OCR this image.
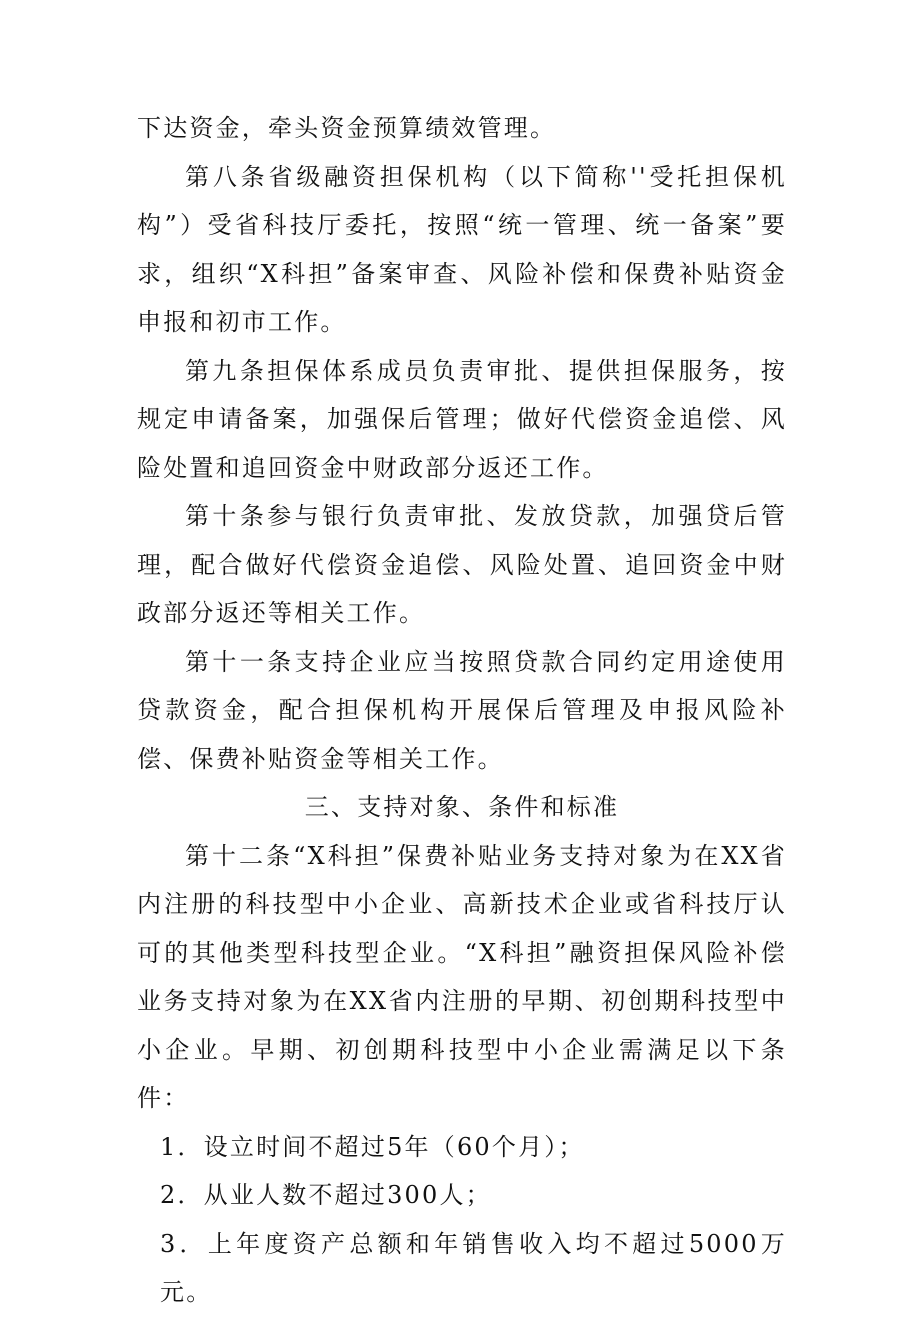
下达资金，牵头资金预算绩效管理。

第八条省级融资担保机构（以下简称''受托担保机构”）受省科技厅委托，按照“统一管理、统一备案”要求，组织“X科担”备案审查、风险补偿和保费补贴资金申报和初市工作。

第九条担保体系成员负责审批、提供担保服务，按规定申请备案，加强保后管理；做好代偿资金追偿、风险处置和追回资金中财政部分返还工作。

第十条参与银行负责审批、发放贷款，加强贷后管理，配合做好代偿资金追偿、风险处置、追回资金中财政部分返还等相关工作。

第十一条支持企业应当按照贷款合同约定用途使用贷款资金，配合担保机构开展保后管理及申报风险补偿、保费补贴资金等相关工作。

三、支持对象、条件和标准

第十二条“X科担”保费补贴业务支持对象为在XX省内注册的科技型中小企业、高新技术企业或省科技厅认可的其他类型科技型企业。“X科担”融资担保风险补偿业务支持对象为在XX省内注册的早期、初创期科技型中小企业。早期、初创期科技型中小企业需满足以下条件：

1．设立时间不超过5年（60个月）；

2．从业人数不超过300人；

3．上年度资产总额和年销售收入均不超过5000万元。
